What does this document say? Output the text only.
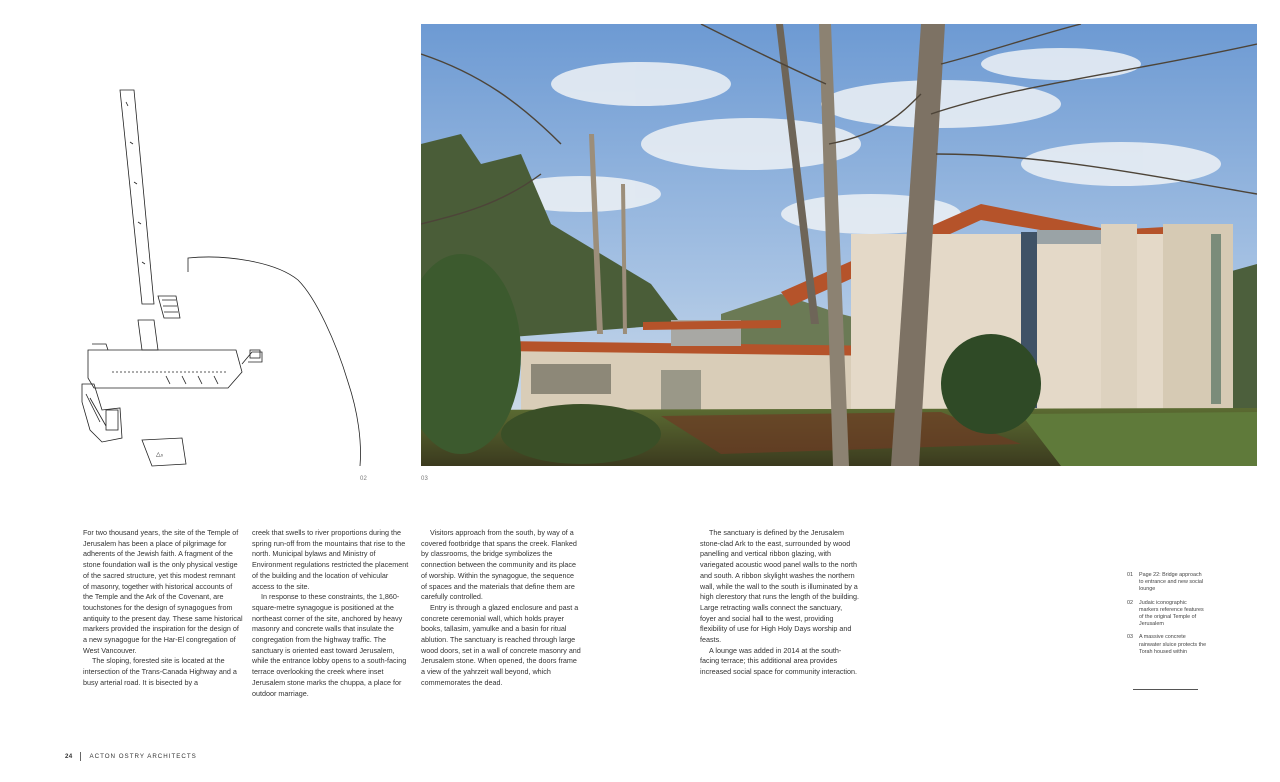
△₀
02	03

For two thousand years, the site of the Temple of Jerusalem has been a place of pilgrimage for adherents of the Jewish faith. A fragment of the stone foundation wall is the only physical vestige of the sacred structure, yet this modest remnant of masonry, together with historical accounts of the Temple and the Ark of the Covenant, are touchstones for the design of synagogues from antiquity to the present day. These same historical markers provided the inspiration for the design of a new synagogue for the Har-El congregation of West Vancouver.

The sloping, forested site is located at the intersection of the Trans-Canada Highway and a busy arterial road. It is bisected by a

creek that swells to river proportions during the spring run-off from the mountains that rise to the north. Municipal bylaws and Ministry of Environment regulations restricted the placement of the building and the location of vehicular access to the site.

In response to these constraints, the 1,860-square-metre synagogue is positioned at the northeast corner of the site, anchored by heavy masonry and concrete walls that insulate the congregation from the highway traffic. The sanctuary is oriented east toward Jerusalem, while the entrance lobby opens to a south-facing terrace overlooking the creek where inset Jerusalem stone marks the chuppa, a place for outdoor marriage.

Visitors approach from the south, by way of a covered footbridge that spans the creek. Flanked by classrooms, the bridge symbolizes the connection between the community and its place of worship. Within the synagogue, the sequence of spaces and the materials that define them are carefully controlled.

Entry is through a glazed enclosure and past a concrete ceremonial wall, which holds prayer books, tallasim, yamulke and a basin for ritual ablution. The sanctuary is reached through large wood doors, set in a wall of concrete masonry and Jerusalem stone. When opened, the doors frame a view of the yahrzeit wall beyond, which commemorates the dead.

The sanctuary is defined by the Jerusalem stone-clad Ark to the east, surrounded by wood panelling and vertical ribbon glazing, with variegated acoustic wood panel walls to the north and south. A ribbon skylight washes the northern wall, while the wall to the south is illuminated by a high clerestory that runs the length of the building. Large retracting walls connect the sanctuary, foyer and social hall to the west, providing flexibility of use for High Holy Days worship and feasts.

A lounge was added in 2014 at the south-facing terrace; this additional area provides increased social space for community interaction.

01	Page 22: Bridge approach to entrance and new social lounge
02	Judaic iconographic markers reference features of the original Temple of Jerusalem
03	A massive concrete rainwater sluice protects the Torah housed within
24	ACTON OSTRY ARCHITECTS
